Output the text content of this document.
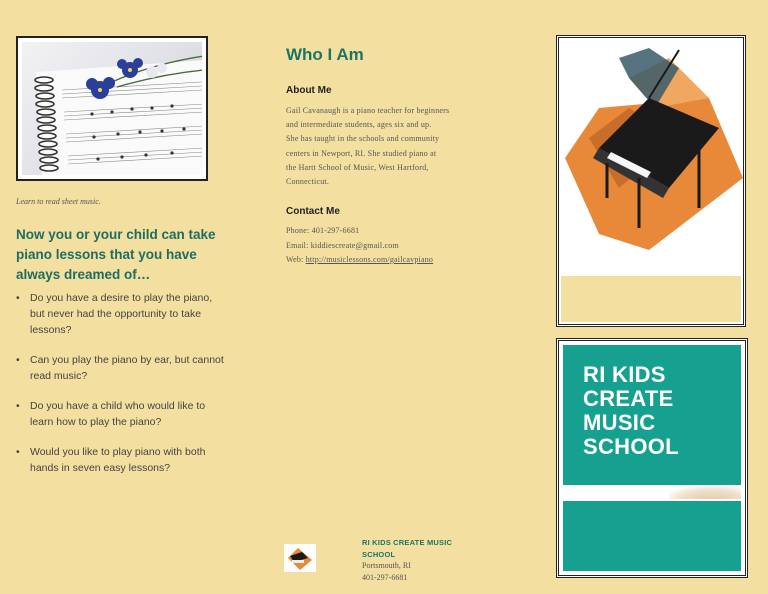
Learn to read sheet music.
Now you or your child can take piano lessons that you have always dreamed of…
• Do you have a desire to play the piano, but never had the opportunity to take lessons?
• Can you play the piano by ear, but cannot read music?
• Do you have a child who would like to learn how to play the piano?
• Would you like to play piano with both hands in seven easy lessons?
Who I Am
About Me
Gail Cavanaugh is a piano teacher for beginners
and intermediate students, ages six and up.
She has taught in the schools and community
centers in Newport, RI. She studied piano at
the Hartt School of Music, West Hartford,
Connecticut.
Contact Me
Phone: 401-297-6681
Email: kiddiescreate@gmail.com
Web: http://musiclessons.com/gailcavpiano
RI KIDS CREATE MUSIC
SCHOOL
Portsmouth, RI
401-297-6681
RI KIDS
CREATE
MUSIC
SCHOOL
